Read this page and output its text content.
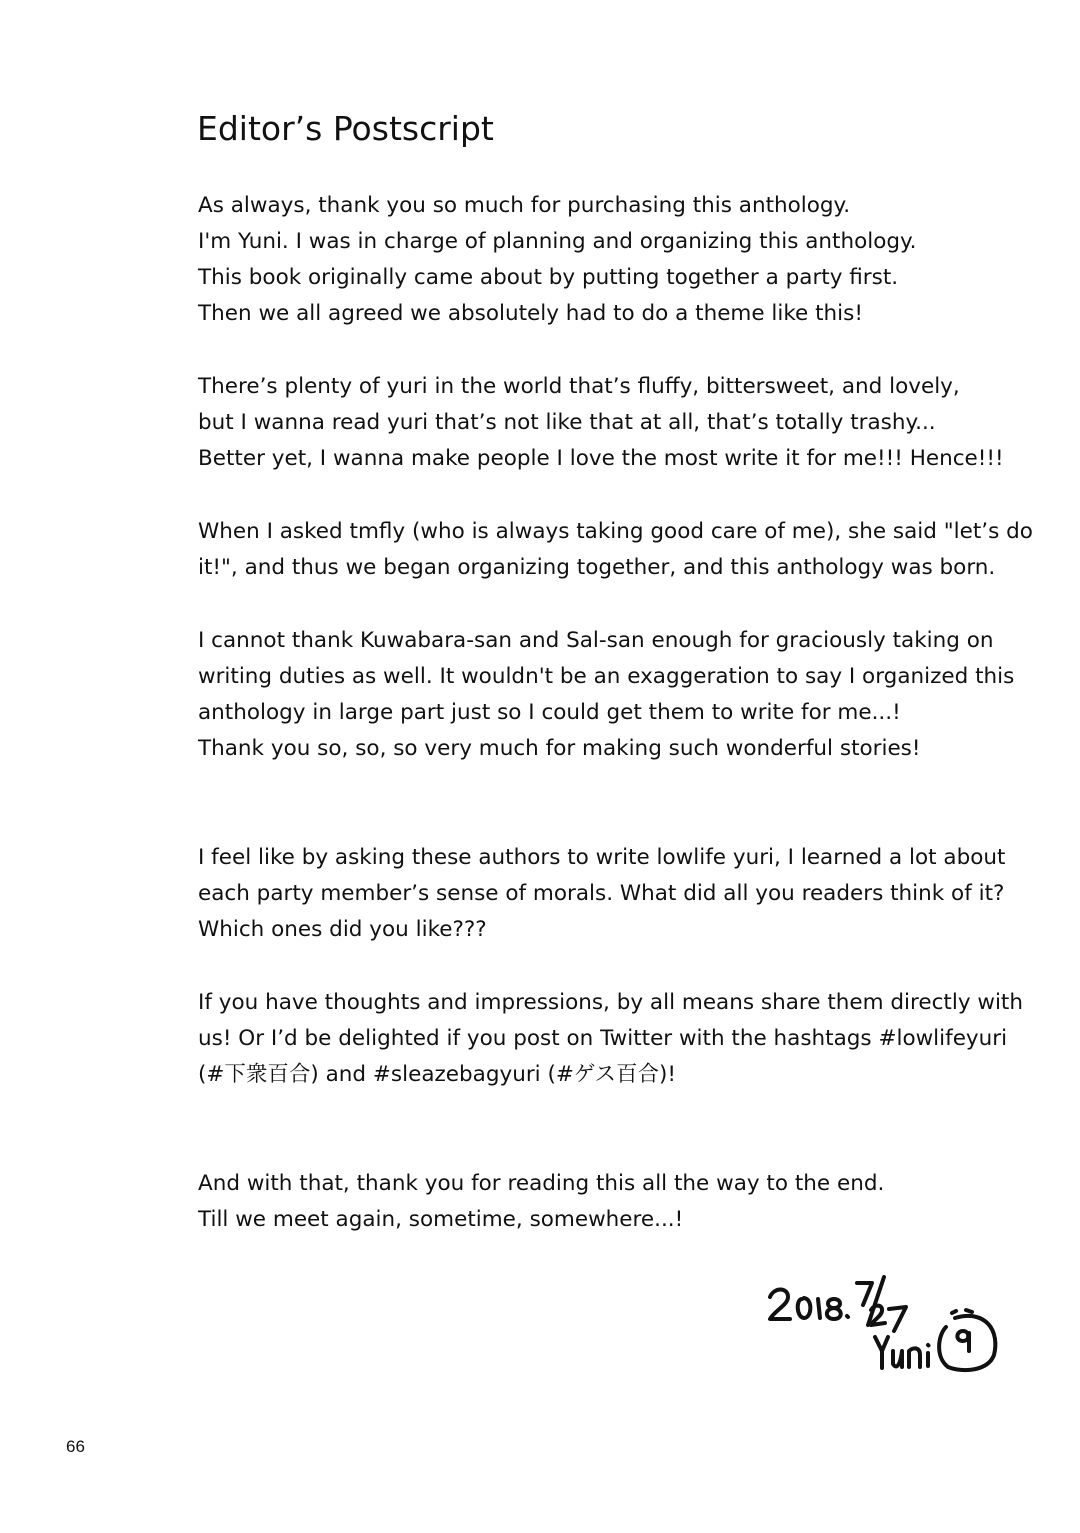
Editor’s Postscript

As always, thank you so much for purchasing this anthology.

I'm Yuni. I was in charge of planning and organizing this anthology.

This book originally came about by putting together a party first.

Then we all agreed we absolutely had to do a theme like this!

There’s plenty of yuri in the world that’s fluffy, bittersweet, and lovely,

but I wanna read yuri that’s not like that at all, that’s totally trashy...

Better yet, I wanna make people I love the most write it for me!!! Hence!!!

When I asked tmfly (who is always taking good care of me), she said "let’s do

it!", and thus we began organizing together, and this anthology was born.

I cannot thank Kuwabara-san and Sal-san enough for graciously taking on

writing duties as well. It wouldn't be an exaggeration to say I organized this

anthology in large part just so I could get them to write for me...!

Thank you so, so, so very much for making such wonderful stories!

I feel like by asking these authors to write lowlife yuri, I learned a lot about

each party member’s sense of morals. What did all you readers think of it?

Which ones did you like???

If you have thoughts and impressions, by all means share them directly with

us! Or I’d be delighted if you post on Twitter with the hashtags #lowlifeyuri

(#下衆百合) and #sleazebagyuri (#ゲス百合)!

And with that, thank you for reading this all the way to the end.

Till we meet again, sometime, somewhere...!

66
